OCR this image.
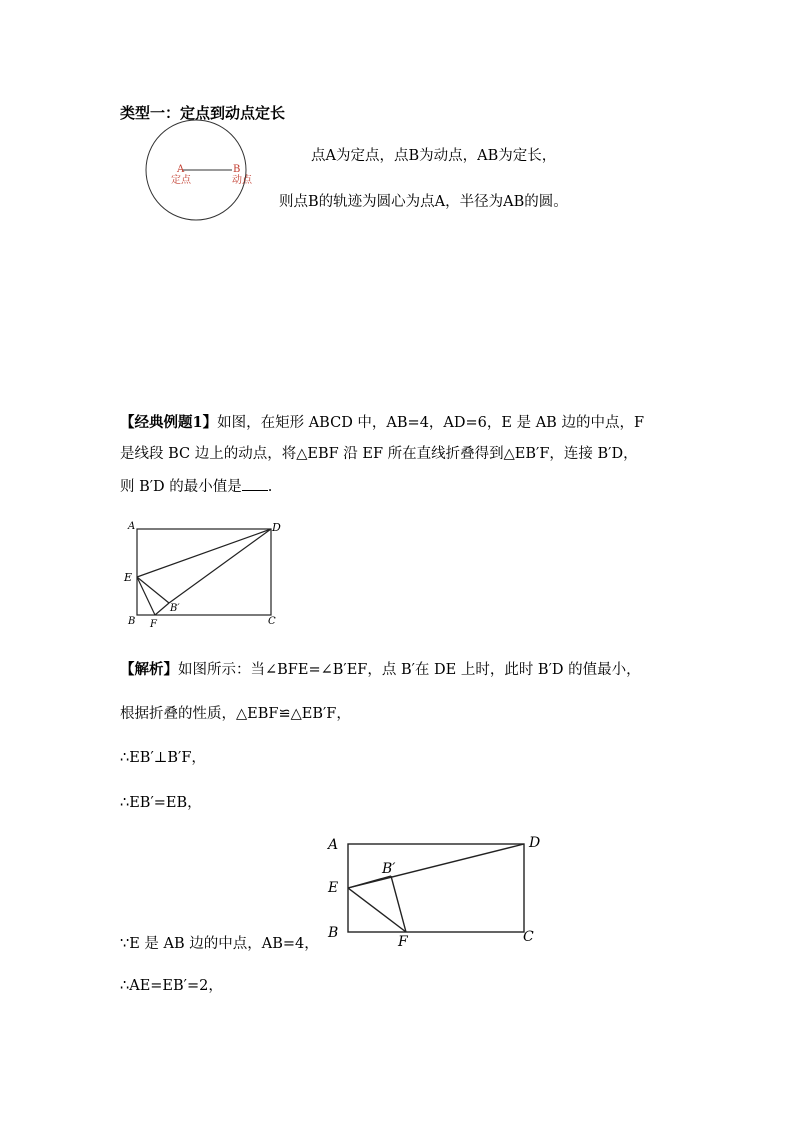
类型一：定点到动点定长
A	B
定点	动点
点A为定点，点B为动点，AB为定长，
则点B的轨迹为圆心为点A，半径为AB的圆。
【经典例题1】如图，在矩形 ABCD 中，AB=4，AD=6，E 是 AB 边的中点，F
是线段 BC 边上的动点，将△EBF 沿 EF 所在直线折叠得到△EB′F，连接 B′D，
则 B′D 的最小值是 .
A	D
E
B F	C
B′
【解析】如图所示：当∠BFE=∠B′EF，点 B′在 DE 上时，此时 B′D 的值最小，
根据折叠的性质，△EBF≌△EB′F，
∴EB′⊥B′F，
∴EB′=EB，
A	D
E
B′
B
F	C
∵E 是 AB 边的中点，AB=4，
∴AE=EB′=2，
